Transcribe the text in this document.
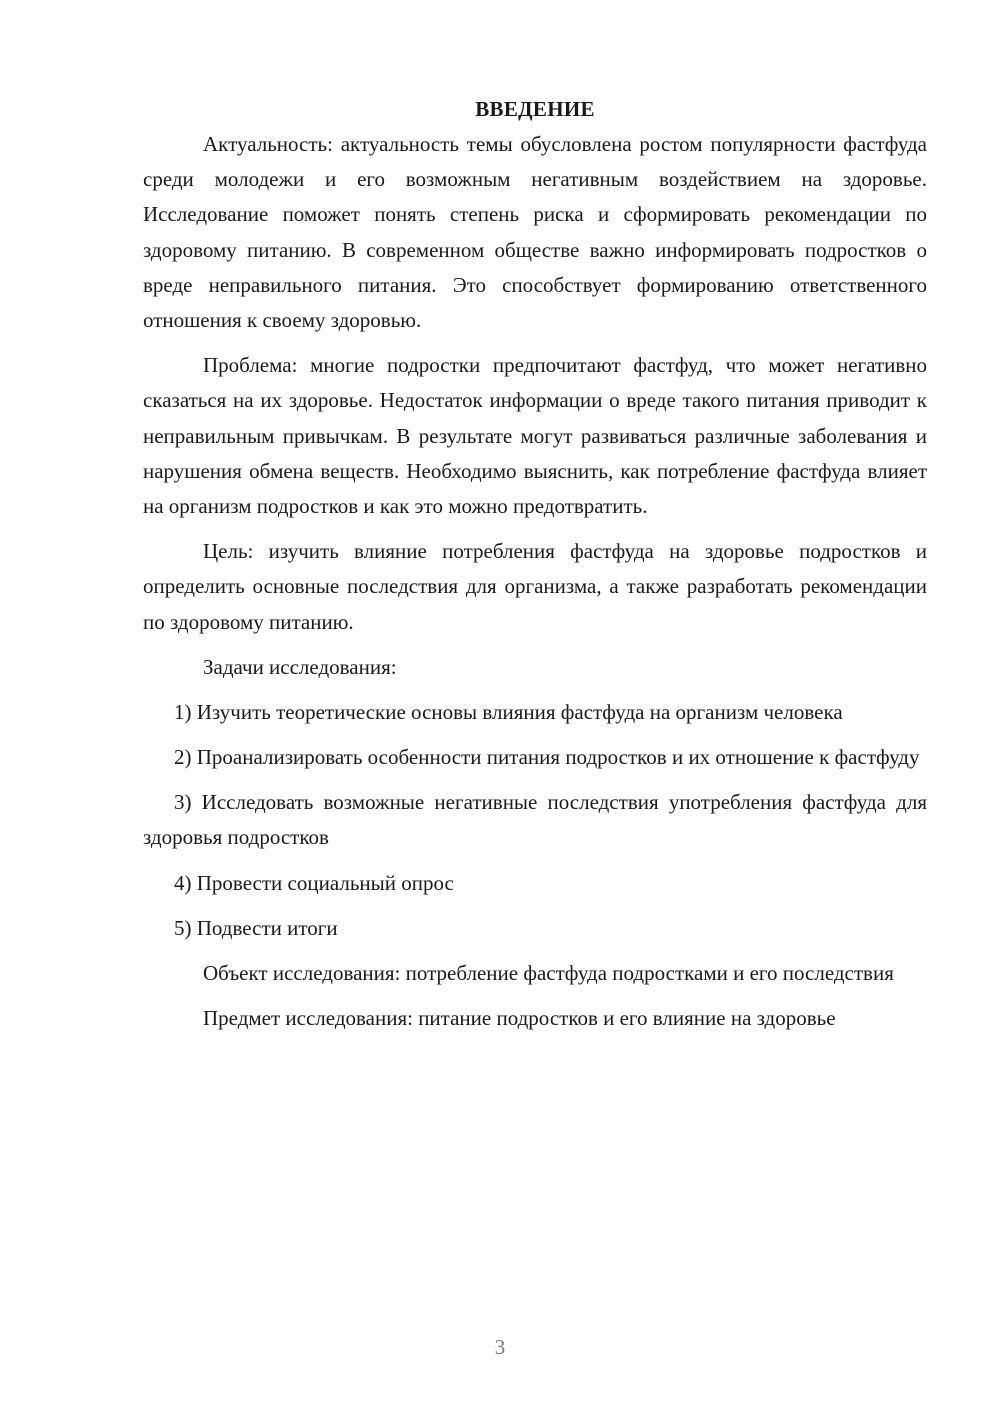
ВВЕДЕНИЕ

Актуальность: актуальность темы обусловлена ростом популярности фастфуда среди молодежи и его возможным негативным воздействием на здоровье. Исследование поможет понять степень риска и сформировать рекомендации по здоровому питанию. В современном обществе важно информировать подростков о вреде неправильного питания. Это способствует формированию ответственного отношения к своему здоровью.

Проблема: многие подростки предпочитают фастфуд, что может негативно сказаться на их здоровье. Недостаток информации о вреде такого питания приводит к неправильным привычкам. В результате могут развиваться различные заболевания и нарушения обмена веществ. Необходимо выяснить, как потребление фастфуда влияет на организм подростков и как это можно предотвратить.

Цель: изучить влияние потребления фастфуда на здоровье подростков и определить основные последствия для организма, а также разработать рекомендации по здоровому питанию.

Задачи исследования:

1) Изучить теоретические основы влияния фастфуда на организм человека

2) Проанализировать особенности питания подростков и их отношение к фастфуду

3) Исследовать возможные негативные последствия употребления фастфуда для здоровья подростков

4) Провести социальный опрос

5) Подвести итоги

Объект исследования: потребление фастфуда подростками и его последствия

Предмет исследования: питание подростков и его влияние на здоровье

3
